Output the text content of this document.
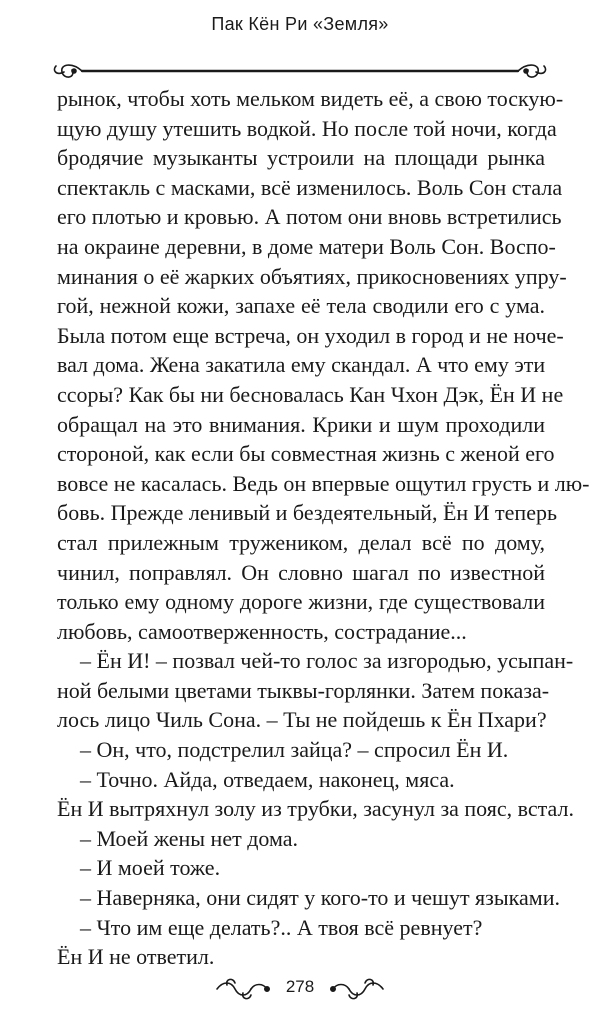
Пак Кён Ри «Земля»
рынок, чтобы хоть мельком видеть её, а свою тоскую-
щую душу утешить водкой. Но после той ночи, когда
бродячие музыканты устроили на площади рынка
спектакль с масками, всё изменилось. Воль Сон стала
его плотью и кровью. А потом они вновь встретились
на окраине деревни, в доме матери Воль Сон. Воспо-
минания о её жарких объятиях, прикосновениях упру-
гой, нежной кожи, запахе её тела сводили его с ума.
Была потом еще встреча, он уходил в город и не ноче-
вал дома. Жена закатила ему скандал. А что ему эти
ссоры? Как бы ни бесновалась Кан Чхон Дэк, Ён И не
обращал на это внимания. Крики и шум проходили
стороной, как если бы совместная жизнь с женой его
вовсе не касалась. Ведь он впервые ощутил грусть и лю-
бовь. Прежде ленивый и бездеятельный, Ён И теперь
стал прилежным тружеником, делал всё по дому,
чинил, поправлял. Он словно шагал по известной
только ему одному дороге жизни, где существовали
любовь, самоотверженность, сострадание...
– Ён И! – позвал чей-то голос за изгородью, усыпан-
ной белыми цветами тыквы-горлянки. Затем показа-
лось лицо Чиль Сона. – Ты не пойдешь к Ён Пхари?
– Он, что, подстрелил зайца? – спросил Ён И.
– Точно. Айда, отведаем, наконец, мяса.
Ён И вытряхнул золу из трубки, засунул за пояс, встал.
– Моей жены нет дома.
– И моей тоже.
– Наверняка, они сидят у кого-то и чешут языками.
– Что им еще делать?.. А твоя всё ревнует?
Ён И не ответил.
278
